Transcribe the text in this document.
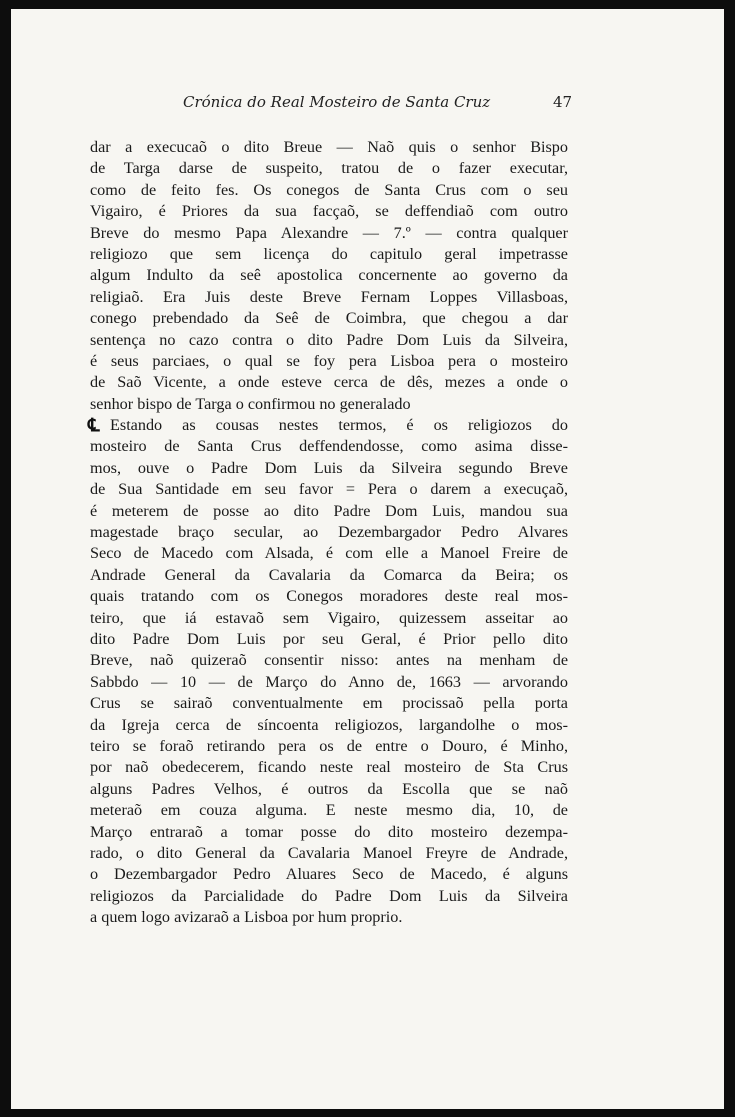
Crónica do Real Mosteiro de Santa Cruz	47
dar a execucaõ o dito Breue — Naõ quis o senhor Bispo
de Targa darse de suspeito, tratou de o fazer executar,
como de feito fes. Os conegos de Santa Crus com o seu
Vigairo, é Priores da sua facçaõ, se deffendiaõ com outro
Breve do mesmo Papa Alexandre — 7.º — contra qualquer
religiozo que sem licença do capitulo geral impetrasse
algum Indulto da seê apostolica concernente ao governo da
religiaõ. Era Juis deste Breve Fernam Loppes Villasboas,
conego prebendado da Seê de Coimbra, que chegou a dar
sentença no cazo contra o dito Padre Dom Luis da Silveira,
é seus parciaes, o qual se foy pera Lisboa pera o mosteiro
de Saõ Vicente, a onde esteve cerca de dês, mezes a onde o
senhor bispo de Targa o confirmou no generalado
℄ Estando as cousas nestes termos, é os religiozos do
mosteiro de Santa Crus deffendendosse, como asima disse-
mos, ouve o Padre Dom Luis da Silveira segundo Breve
de Sua Santidade em seu favor = Pera o darem a execuçaõ,
é meterem de posse ao dito Padre Dom Luis, mandou sua
magestade braço secular, ao Dezembargador Pedro Alvares
Seco de Macedo com Alsada, é com elle a Manoel Freire de
Andrade General da Cavalaria da Comarca da Beira; os
quais tratando com os Conegos moradores deste real mos-
teiro, que iá estavaõ sem Vigairo, quizessem asseitar ao
dito Padre Dom Luis por seu Geral, é Prior pello dito
Breve, naõ quizeraõ consentir nisso: antes na menham de
Sabbdo — 10 — de Março do Anno de, 1663 — arvorando
Crus se sairaõ conventualmente em procissaõ pella porta
da Igreja cerca de síncoenta religiozos, largandolhe o mos-
teiro se foraõ retirando pera os de entre o Douro, é Minho,
por naõ obedecerem, ficando neste real mosteiro de Sta Crus
alguns Padres Velhos, é outros da Escolla que se naõ
meteraõ em couza alguma. E neste mesmo dia, 10, de
Março entraraõ a tomar posse do dito mosteiro dezempa-
rado, o dito General da Cavalaria Manoel Freyre de Andrade,
o Dezembargador Pedro Aluares Seco de Macedo, é alguns
religiozos da Parcialidade do Padre Dom Luis da Silveira
a quem logo avizaraõ a Lisboa por hum proprio.
